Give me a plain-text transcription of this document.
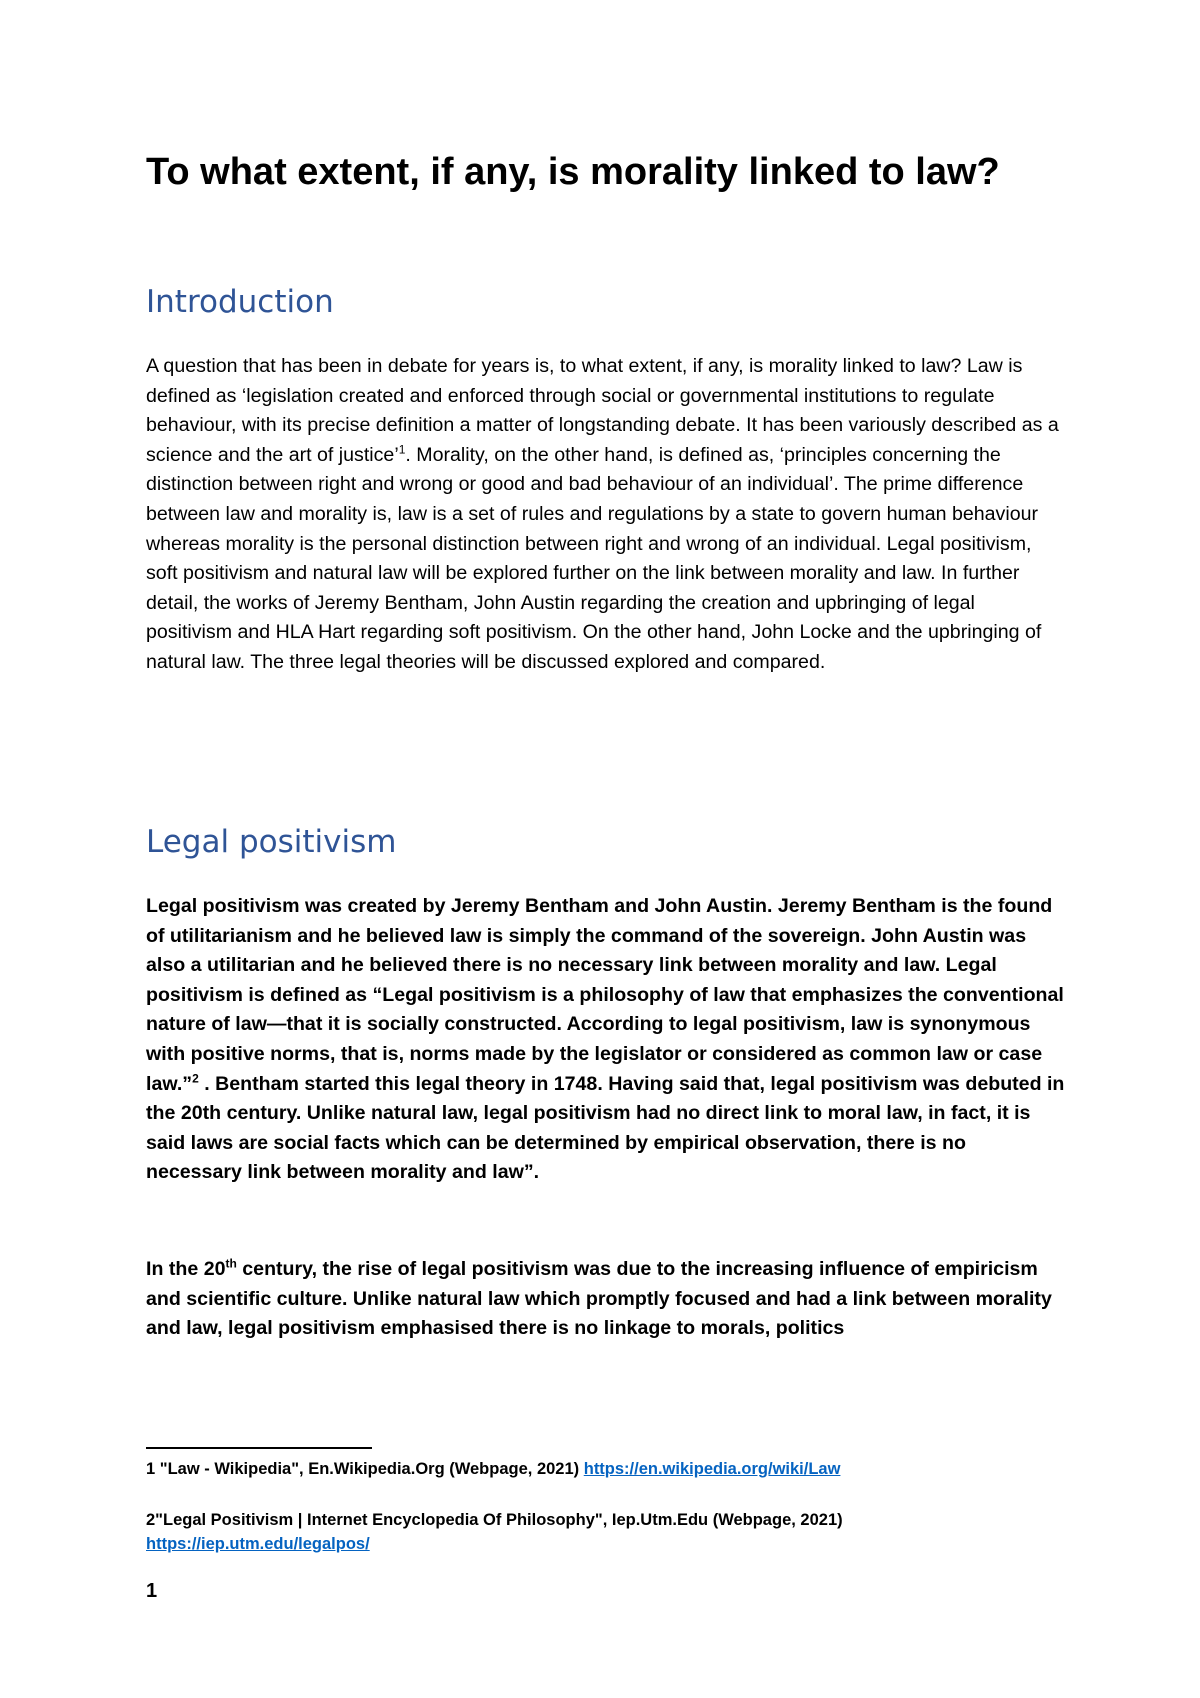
To what extent, if any, is morality linked to law?
Introduction

A question that has been in debate for years is, to what extent, if any, is morality linked to law? Law is defined as ‘legislation created and enforced through social or governmental institutions to regulate behaviour, with its precise definition a matter of longstanding debate. It has been variously described as a science and the art of justice’$^1$. Morality, on the other hand, is defined as, ‘principles concerning the distinction between right and wrong or good and bad behaviour of an individual’. The prime difference between law and morality is, law is a set of rules and regulations by a state to govern human behaviour whereas morality is the personal distinction between right and wrong of an individual. Legal positivism, soft positivism and natural law will be explored further on the link between morality and law. In further detail, the works of Jeremy Bentham, John Austin regarding the creation and upbringing of legal positivism and HLA Hart regarding soft positivism. On the other hand, John Locke and the upbringing of natural law. The three legal theories will be discussed explored and compared.

Legal positivism

Legal positivism was created by Jeremy Bentham and John Austin. Jeremy Bentham is the found of utilitarianism and he believed law is simply the command of the sovereign. John Austin was also a utilitarian and he believed there is no necessary link between morality and law. Legal positivism is defined as “Legal positivism is a philosophy of law that emphasizes the conventional nature of law—that it is socially constructed. According to legal positivism, law is synonymous with positive norms, that is, norms made by the legislator or considered as common law or case law.”$^2$ . Bentham started this legal theory in 1748. Having said that, legal positivism was debuted in the 20th century. Unlike natural law, legal positivism had no direct link to moral law, in fact, it is said laws are social facts which can be determined by empirical observation, there is no necessary link between morality and law”.

In the 20th century, the rise of legal positivism was due to the increasing influence of empiricism and scientific culture. Unlike natural law which promptly focused and had a link between morality and law, legal positivism emphasised there is no linkage to morals, politics

1 "Law - Wikipedia", En.Wikipedia.Org (Webpage, 2021) https://en.wikipedia.org/wiki/Law

2"Legal Positivism | Internet Encyclopedia Of Philosophy", Iep.Utm.Edu (Webpage, 2021)
https://iep.utm.edu/legalpos/

1
